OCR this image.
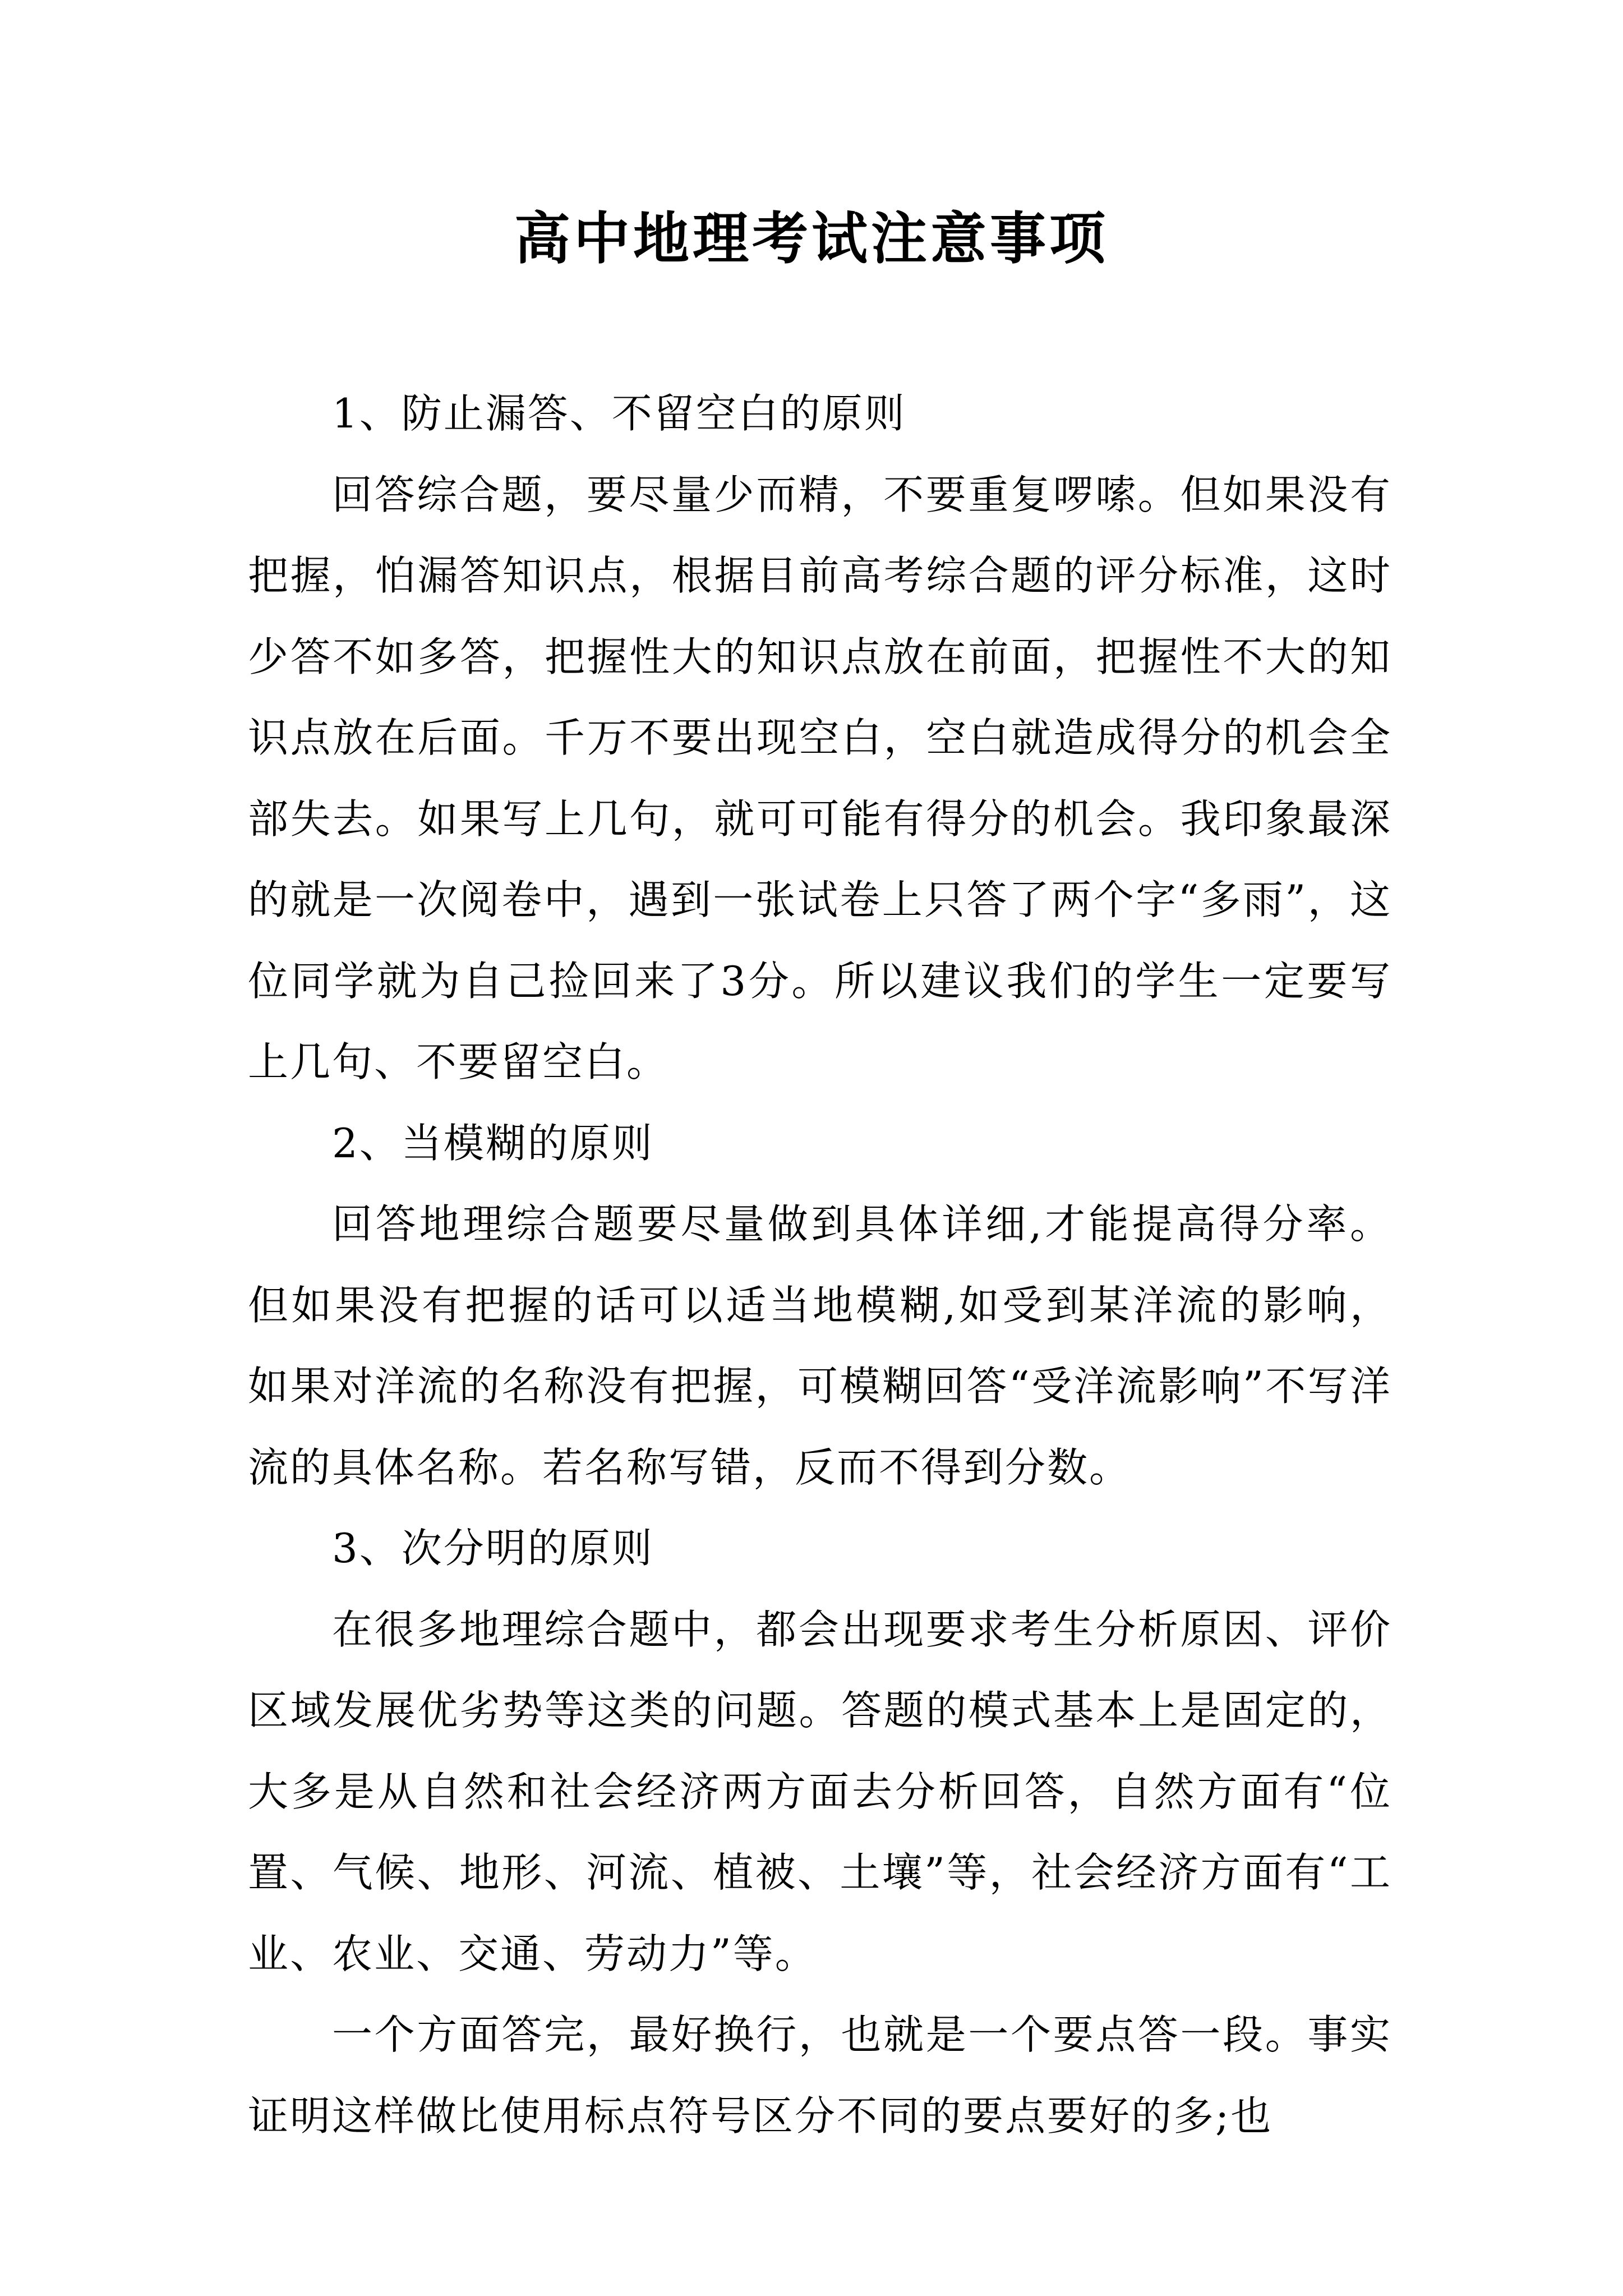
高中地理考试注意事项

1、防止漏答、不留空白的原则

回答综合题，要尽量少而精，不要重复啰嗦。但如果没有把握，怕漏答知识点，根据目前高考综合题的评分标准，这时少答不如多答，把握性大的知识点放在前面，把握性不大的知识点放在后面。千万不要出现空白，空白就造成得分的机会全部失去。如果写上几句，就可可能有得分的机会。我印象最深的就是一次阅卷中，遇到一张试卷上只答了两个字“多雨”，这位同学就为自己捡回来了3分。所以建议我们的学生一定要写上几句、不要留空白。

2、当模糊的原则

回答地理综合题要尽量做到具体详细,才能提高得分率。但如果没有把握的话可以适当地模糊,如受到某洋流的影响，如果对洋流的名称没有把握，可模糊回答“受洋流影响”不写洋流的具体名称。若名称写错，反而不得到分数。

3、次分明的原则

在很多地理综合题中，都会出现要求考生分析原因、评价区域发展优劣势等这类的问题。答题的模式基本上是固定的，大多是从自然和社会经济两方面去分析回答，自然方面有“位置、气候、地形、河流、植被、土壤”等，社会经济方面有“工业、农业、交通、劳动力”等。

一个方面答完，最好换行，也就是一个要点答一段。事实证明这样做比使用标点符号区分不同的要点要好的多;也
